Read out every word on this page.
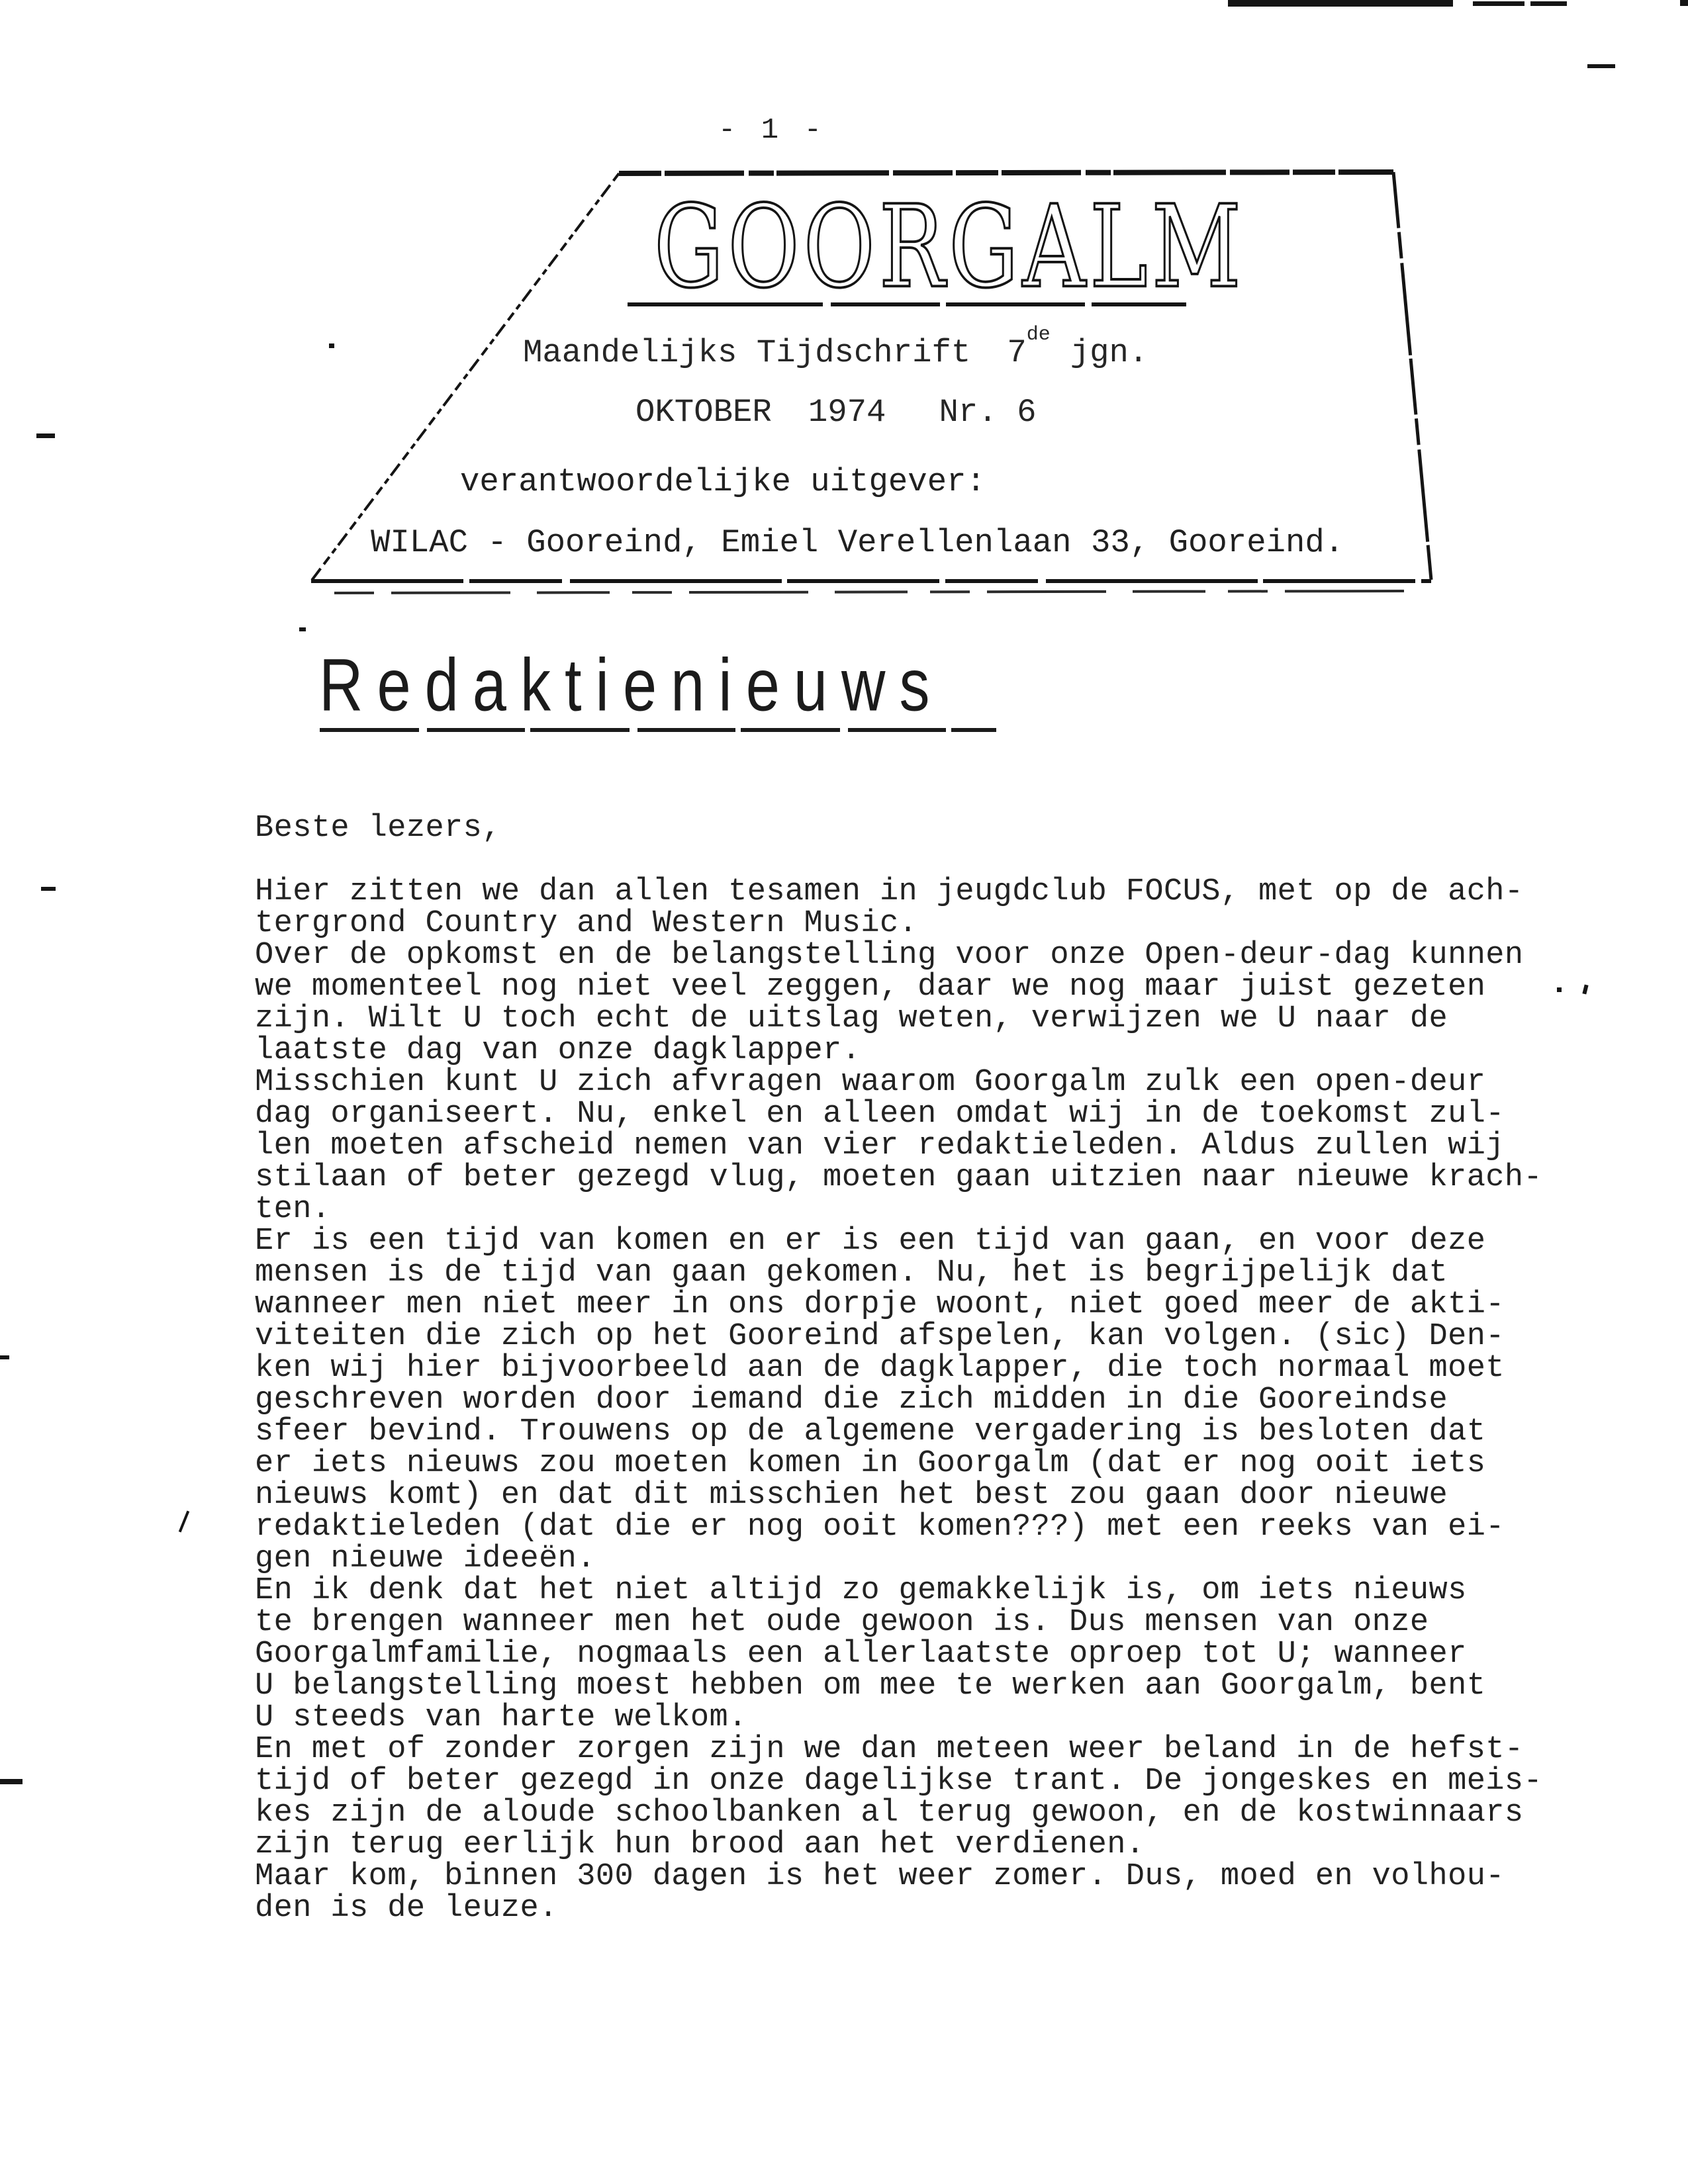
- 1 -
GOORGALM
Maandelijks Tijdschrift 7de jgn.
OKTOBER 1974 Nr. 6
verantwoordelijke uitgever:
WILAC - Gooreind, Emiel Verellenlaan 33, Gooreind.
Redaktienieuws
Beste lezers,
Hier zitten we dan allen tesamen in jeugdclub FOCUS, met op de ach-
tergrond Country and Western Music.
Over de opkomst en de belangstelling voor onze Open-deur-dag kunnen
we momenteel nog niet veel zeggen, daar we nog maar juist gezeten
zijn. Wilt U toch echt de uitslag weten, verwijzen we U naar de
laatste dag van onze dagklapper.
Misschien kunt U zich afvragen waarom Goorgalm zulk een open-deur
dag organiseert. Nu, enkel en alleen omdat wij in de toekomst zul-
len moeten afscheid nemen van vier redaktieleden. Aldus zullen wij
stilaan of beter gezegd vlug, moeten gaan uitzien naar nieuwe krach-
ten.
Er is een tijd van komen en er is een tijd van gaan, en voor deze
mensen is de tijd van gaan gekomen. Nu, het is begrijpelijk dat
wanneer men niet meer in ons dorpje woont, niet goed meer de akti-
viteiten die zich op het Gooreind afspelen, kan volgen. (sic) Den-
ken wij hier bijvoorbeeld aan de dagklapper, die toch normaal moet
geschreven worden door iemand die zich midden in die Gooreindse
sfeer bevind. Trouwens op de algemene vergadering is besloten dat
er iets nieuws zou moeten komen in Goorgalm (dat er nog ooit iets
nieuws komt) en dat dit misschien het best zou gaan door nieuwe
redaktieleden (dat die er nog ooit komen???) met een reeks van ei-
gen nieuwe ideeën.
En ik denk dat het niet altijd zo gemakkelijk is, om iets nieuws
te brengen wanneer men het oude gewoon is. Dus mensen van onze
Goorgalmfamilie, nogmaals een allerlaatste oproep tot U; wanneer
U belangstelling moest hebben om mee te werken aan Goorgalm, bent
U steeds van harte welkom.
En met of zonder zorgen zijn we dan meteen weer beland in de hefst-
tijd of beter gezegd in onze dagelijkse trant. De jongeskes en meis-
kes zijn de aloude schoolbanken al terug gewoon, en de kostwinnaars
zijn terug eerlijk hun brood aan het verdienen.
Maar kom, binnen 300 dagen is het weer zomer. Dus, moed en volhou-
den is de leuze.
